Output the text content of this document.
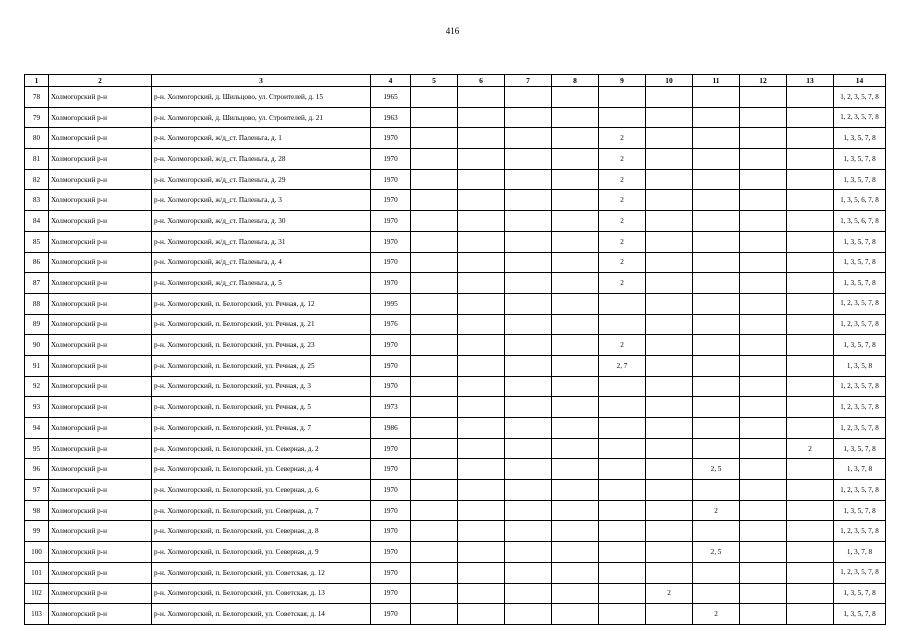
416
1	2	3	4	5	6	7	8	9	10	11	12	13	14
78	Холмогорский р-н	р-н. Холмогорский, д. Шильцово, ул. Строителей, д. 15	1965										1, 2, 3, 5, 7, 8
79	Холмогорский р-н	р-н. Холмогорский, д. Шильцово, ул. Строителей, д. 21	1963										1, 2, 3, 5, 7, 8
80	Холмогорский р-н	р-н. Холмогорский, ж/д_ст. Паленьга, д. 1	1970					2					1, 3, 5, 7, 8
81	Холмогорский р-н	р-н. Холмогорский, ж/д_ст. Паленьга, д. 28	1970					2					1, 3, 5, 7, 8
82	Холмогорский р-н	р-н. Холмогорский, ж/д_ст. Паленьга, д. 29	1970					2					1, 3, 5, 7, 8
83	Холмогорский р-н	р-н. Холмогорский, ж/д_ст. Паленьга, д. 3	1970					2					1, 3, 5, 6, 7, 8
84	Холмогорский р-н	р-н. Холмогорский, ж/д_ст. Паленьга, д. 30	1970					2					1, 3, 5, 6, 7, 8
85	Холмогорский р-н	р-н. Холмогорский, ж/д_ст. Паленьга, д. 31	1970					2					1, 3, 5, 7, 8
86	Холмогорский р-н	р-н. Холмогорский, ж/д_ст. Паленьга, д. 4	1970					2					1, 3, 5, 7, 8
87	Холмогорский р-н	р-н. Холмогорский, ж/д_ст. Паленьга, д. 5	1970					2					1, 3, 5, 7, 8
88	Холмогорский р-н	р-н. Холмогорский, п. Белогорский, ул. Речная, д. 12	1995										1, 2, 3, 5, 7, 8
89	Холмогорский р-н	р-н. Холмогорский, п. Белогорский, ул. Речная, д. 21	1976										1, 2, 3, 5, 7, 8
90	Холмогорский р-н	р-н. Холмогорский, п. Белогорский, ул. Речная, д. 23	1970					2					1, 3, 5, 7, 8
91	Холмогорский р-н	р-н. Холмогорский, п. Белогорский, ул. Речная, д. 25	1970					2, 7					1, 3, 5, 8
92	Холмогорский р-н	р-н. Холмогорский, п. Белогорский, ул. Речная, д. 3	1970										1, 2, 3, 5, 7, 8
93	Холмогорский р-н	р-н. Холмогорский, п. Белогорский, ул. Речная, д. 5	1973										1, 2, 3, 5, 7, 8
94	Холмогорский р-н	р-н. Холмогорский, п. Белогорский, ул. Речная, д. 7	1986										1, 2, 3, 5, 7, 8
95	Холмогорский р-н	р-н. Холмогорский, п. Белогорский, ул. Северная, д. 2	1970									2	1, 3, 5, 7, 8
96	Холмогорский р-н	р-н. Холмогорский, п. Белогорский, ул. Северная, д. 4	1970							2, 5			1, 3, 7, 8
97	Холмогорский р-н	р-н. Холмогорский, п. Белогорский, ул. Северная, д. 6	1970										1, 2, 3, 5, 7, 8
98	Холмогорский р-н	р-н. Холмогорский, п. Белогорский, ул. Северная, д. 7	1970							2			1, 3, 5, 7, 8
99	Холмогорский р-н	р-н. Холмогорский, п. Белогорский, ул. Северная, д. 8	1970										1, 2, 3, 5, 7, 8
100	Холмогорский р-н	р-н. Холмогорский, п. Белогорский, ул. Северная, д. 9	1970							2, 5			1, 3, 7, 8
101	Холмогорский р-н	р-н. Холмогорский, п. Белогорский, ул. Советская, д. 12	1970										1, 2, 3, 5, 7, 8
102	Холмогорский р-н	р-н. Холмогорский, п. Белогорский, ул. Советская, д. 13	1970						2				1, 3, 5, 7, 8
103	Холмогорский р-н	р-н. Холмогорский, п. Белогорский, ул. Советская, д. 14	1970							2			1, 3, 5, 7, 8
